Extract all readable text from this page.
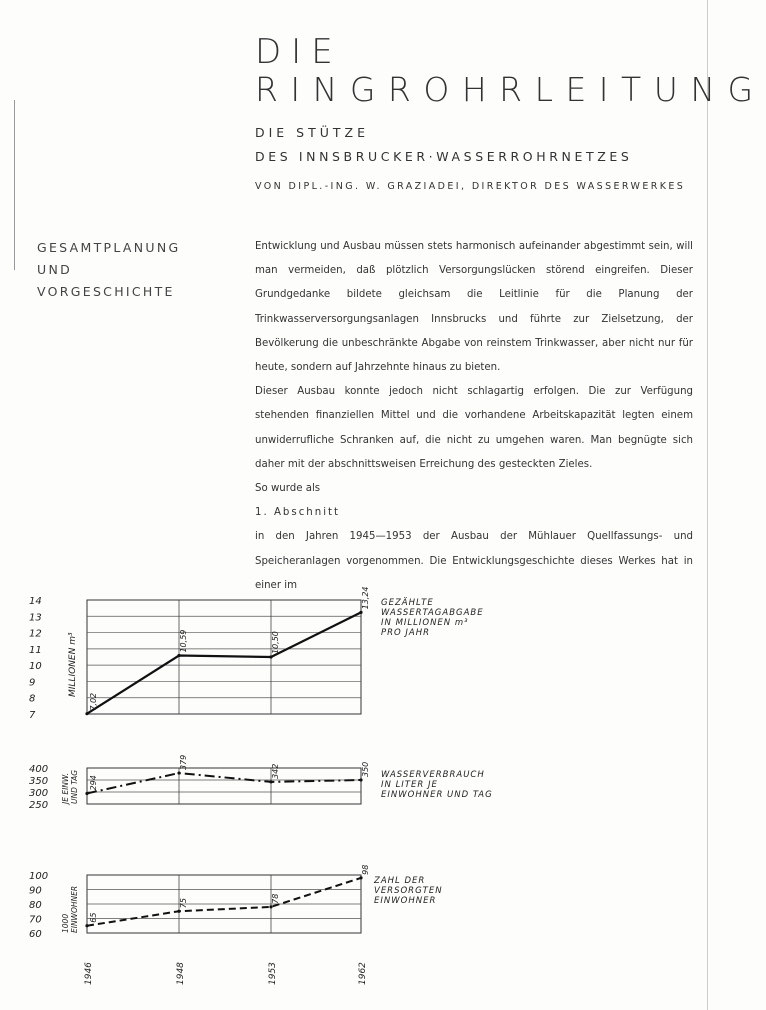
DIE
RINGROHRLEITUNG
DIE STÜTZE
DES INNSBRUCKER·WASSERROHRNETZES
VON DIPL.-ING. W. GRAZIADEI, DIREKTOR DES WASSERWERKES
GESAMTPLANUNG
UND
VORGESCHICHTE

Entwicklung und Ausbau müssen stets harmonisch aufeinander abgestimmt sein, will man vermeiden, daß plötzlich Versorgungslücken störend eingreifen. Dieser Grundgedanke bildete gleichsam die Leitlinie für die Planung der Trinkwasserversorgungsanlagen Innsbrucks und führte zur Zielsetzung, der Bevölkerung die unbeschränkte Abgabe von reinstem Trinkwasser, aber nicht nur für heute, sondern auf Jahrzehnte hinaus zu bieten.

Dieser Ausbau konnte jedoch nicht schlagartig erfolgen. Die zur Verfügung stehenden finanziellen Mittel und die vorhandene Arbeitskapazität legten einem unwiderrufliche Schranken auf, die nicht zu umgehen waren. Man begnügte sich daher mit der abschnittsweisen Erreichung des gesteckten Zieles.

So wurde als

1. Abschnitt

in den Jahren 1945—1953 der Ausbau der Mühlauer Quellfassungs- und Speicheranlagen vorgenommen. Die Entwicklungsgeschichte dieses Werkes hat in einer im

7
8
9
10
11
12
13
14
MILLIONEN m³
7,02
10,59	10,50
13,24 GEZÄHLTE
WASSERTAGABGABE
IN MILLIONEN m³
PRO JAHR
250
300
350
400
JE EINW. UND TAG 294
379
342	350 WASSERVERBRAUCH
IN LITER JE
EINWOHNER UND TAG
60
70
80
90
100
1000 EINWOHNER 65
75	78
98
ZAHL DER
VERSORGTEN
EINWOHNER
1946	1948	1953	1962
